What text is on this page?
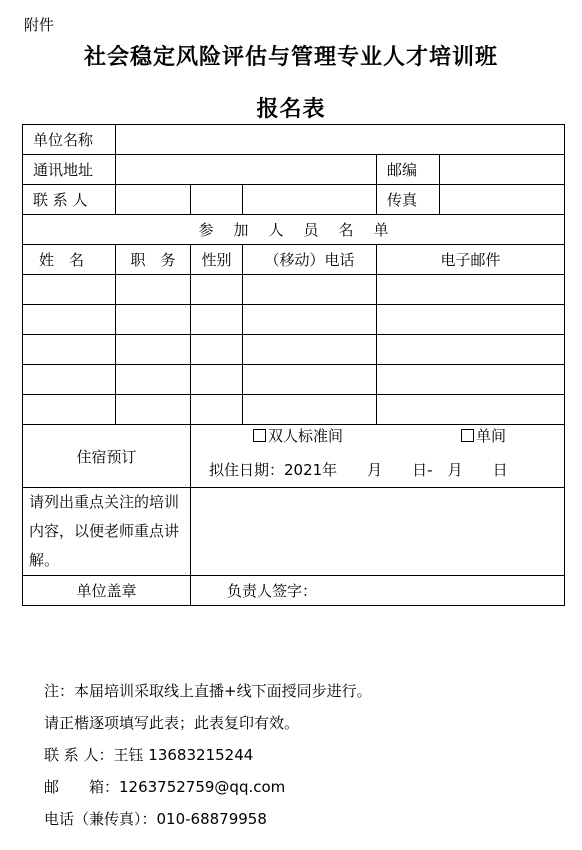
附件
社会稳定风险评估与管理专业人才培训班
报名表
单位名称					
通讯地址				邮编	
联 系 人				传真	
参加人员名单					
姓　名	职　务	性别	（移动）电话	电子邮件	

住宿预订		双人标准间 单间
拟住日期：2021年　　月　　日-　月　　日			

请列出重点关注的培训内容，以便老师重点讲解。					
单位盖章		负责人签字：			
注：本届培训采取线上直播+线下面授同步进行。
请正楷逐项填写此表；此表复印有效。
联 系 人：王钰 13683215244
邮　　箱：1263752759@qq.com
电话（兼传真）：010-68879958
